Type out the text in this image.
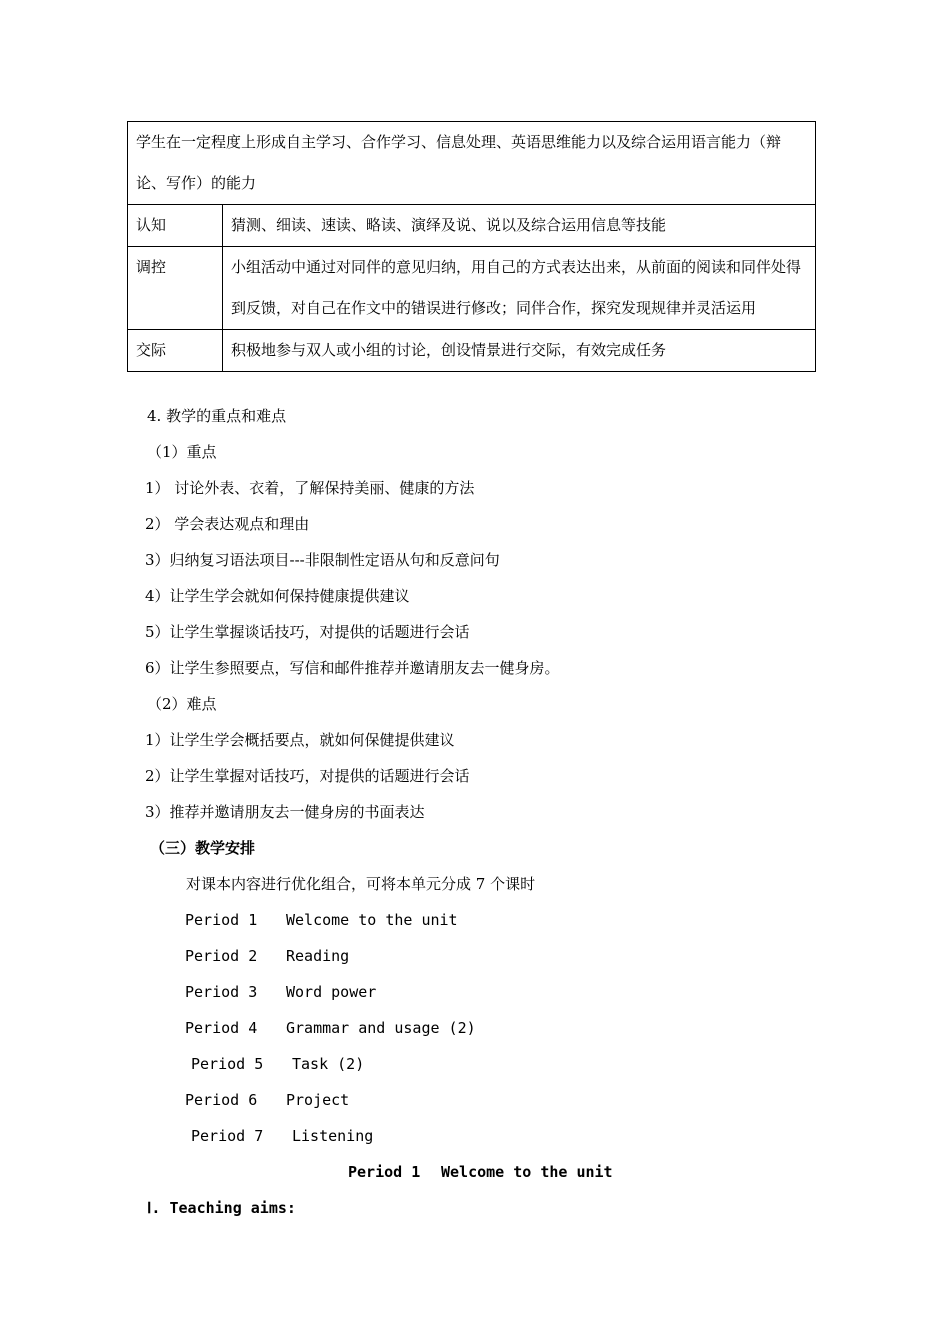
学生在一定程度上形成自主学习、合作学习、信息处理、英语思维能力以及综合运用语言能力（辩论、写作）的能力	
认知	猜测、细读、速读、略读、演绎及说、说以及综合运用信息等技能
调控	小组活动中通过对同伴的意见归纳，用自己的方式表达出来，从前面的阅读和同伴处得到反馈，对自己在作文中的错误进行修改；同伴合作，探究发现规律并灵活运用
交际	积极地参与双人或小组的讨论，创设情景进行交际，有效完成任务
4. 教学的重点和难点
（1）重点
1） 讨论外表、衣着，了解保持美丽、健康的方法
2） 学会表达观点和理由
3）归纳复习语法项目---非限制性定语从句和反意问句
4）让学生学会就如何保持健康提供建议
5）让学生掌握谈话技巧，对提供的话题进行会话
6）让学生参照要点，写信和邮件推荐并邀请朋友去一健身房。
（2）难点
1）让学生学会概括要点，就如何保健提供建议
2）让学生掌握对话技巧，对提供的话题进行会话
3）推荐并邀请朋友去一健身房的书面表达
（三）教学安排
对课本内容进行优化组合，可将本单元分成 7 个课时
Period 1 Welcome to the unit
Period 2 Reading
Period 3 Word power
Period 4 Grammar and usage (2)
Period 5 Task (2)
Period 6 Project
Period 7 Listening
Period 1 Welcome to the unit
Ⅰ. Teaching aims:
